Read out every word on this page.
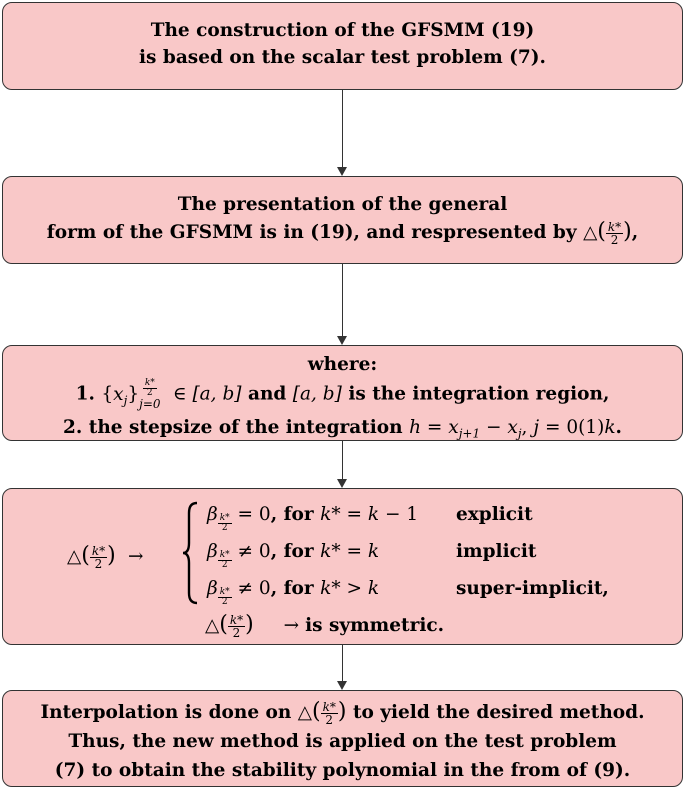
The construction of the GFSMM (19)
is based on the scalar test problem (7).
The presentation of the general
form of the GFSMM is in (19), and respresented by △( $\frac{k*}{2}$ ),
where:
1. $\{x_j\} \frac{k*}{2}$
j=0 ∈ [a, b] and [a, b] is the integration region,
2. the stepsize of the integration $h = x_{j+1} - x_j$, j = 0(1)k.
△( $\frac{k*}{2}$ )  →
β $\frac{k*}{2} = 0$, for k* = k − 1 explicit
β $\frac{k*}{2} \ne 0$, for k* = k	implicit
β $\frac{k*}{2} \ne 0$, for k* > k	super-implicit,
△( $\frac{k*}{2}$ )     → is symmetric.
Interpolation is done on △( $\frac{k*}{2}$ ) to yield the desired method.
Thus, the new method is applied on the test problem
(7) to obtain the stability polynomial in the from of (9).
